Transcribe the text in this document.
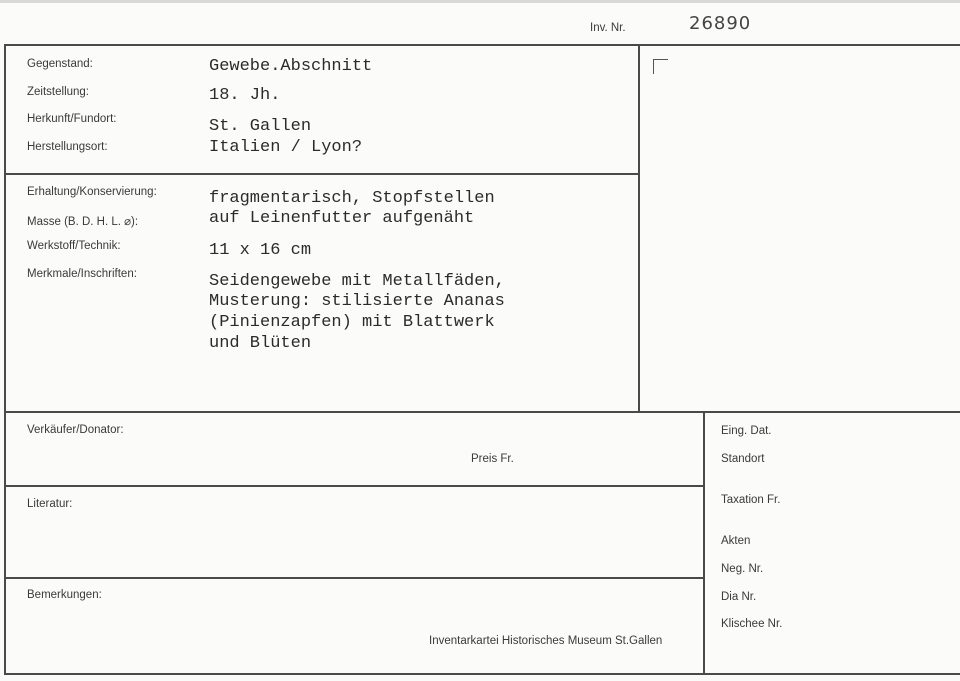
Inv. Nr.	26890
Gegenstand:	Gewebe.Abschnitt
Zeitstellung:	18. Jh.
Herkunft/Fundort:	St. Gallen
Herstellungsort:	Italien / Lyon?
Erhaltung/Konservierung:	fragmentarisch, Stopfstellen
auf Leinenfutter aufgenäht
Masse (B. D. H. L. ⌀):
Werkstoff/Technik:	11 x 16 cm
Merkmale/Inschriften:	Seidengewebe mit Metallfäden,
Musterung: stilisierte Ananas
(Pinienzapfen) mit Blattwerk
und Blüten
Verkäufer/Donator:
Preis Fr.
Literatur:
Bemerkungen:
Inventarkartei Historisches Museum St.Gallen
Eing. Dat.
Standort
Taxation Fr.
Akten
Neg. Nr.
Dia Nr.
Klischee Nr.
